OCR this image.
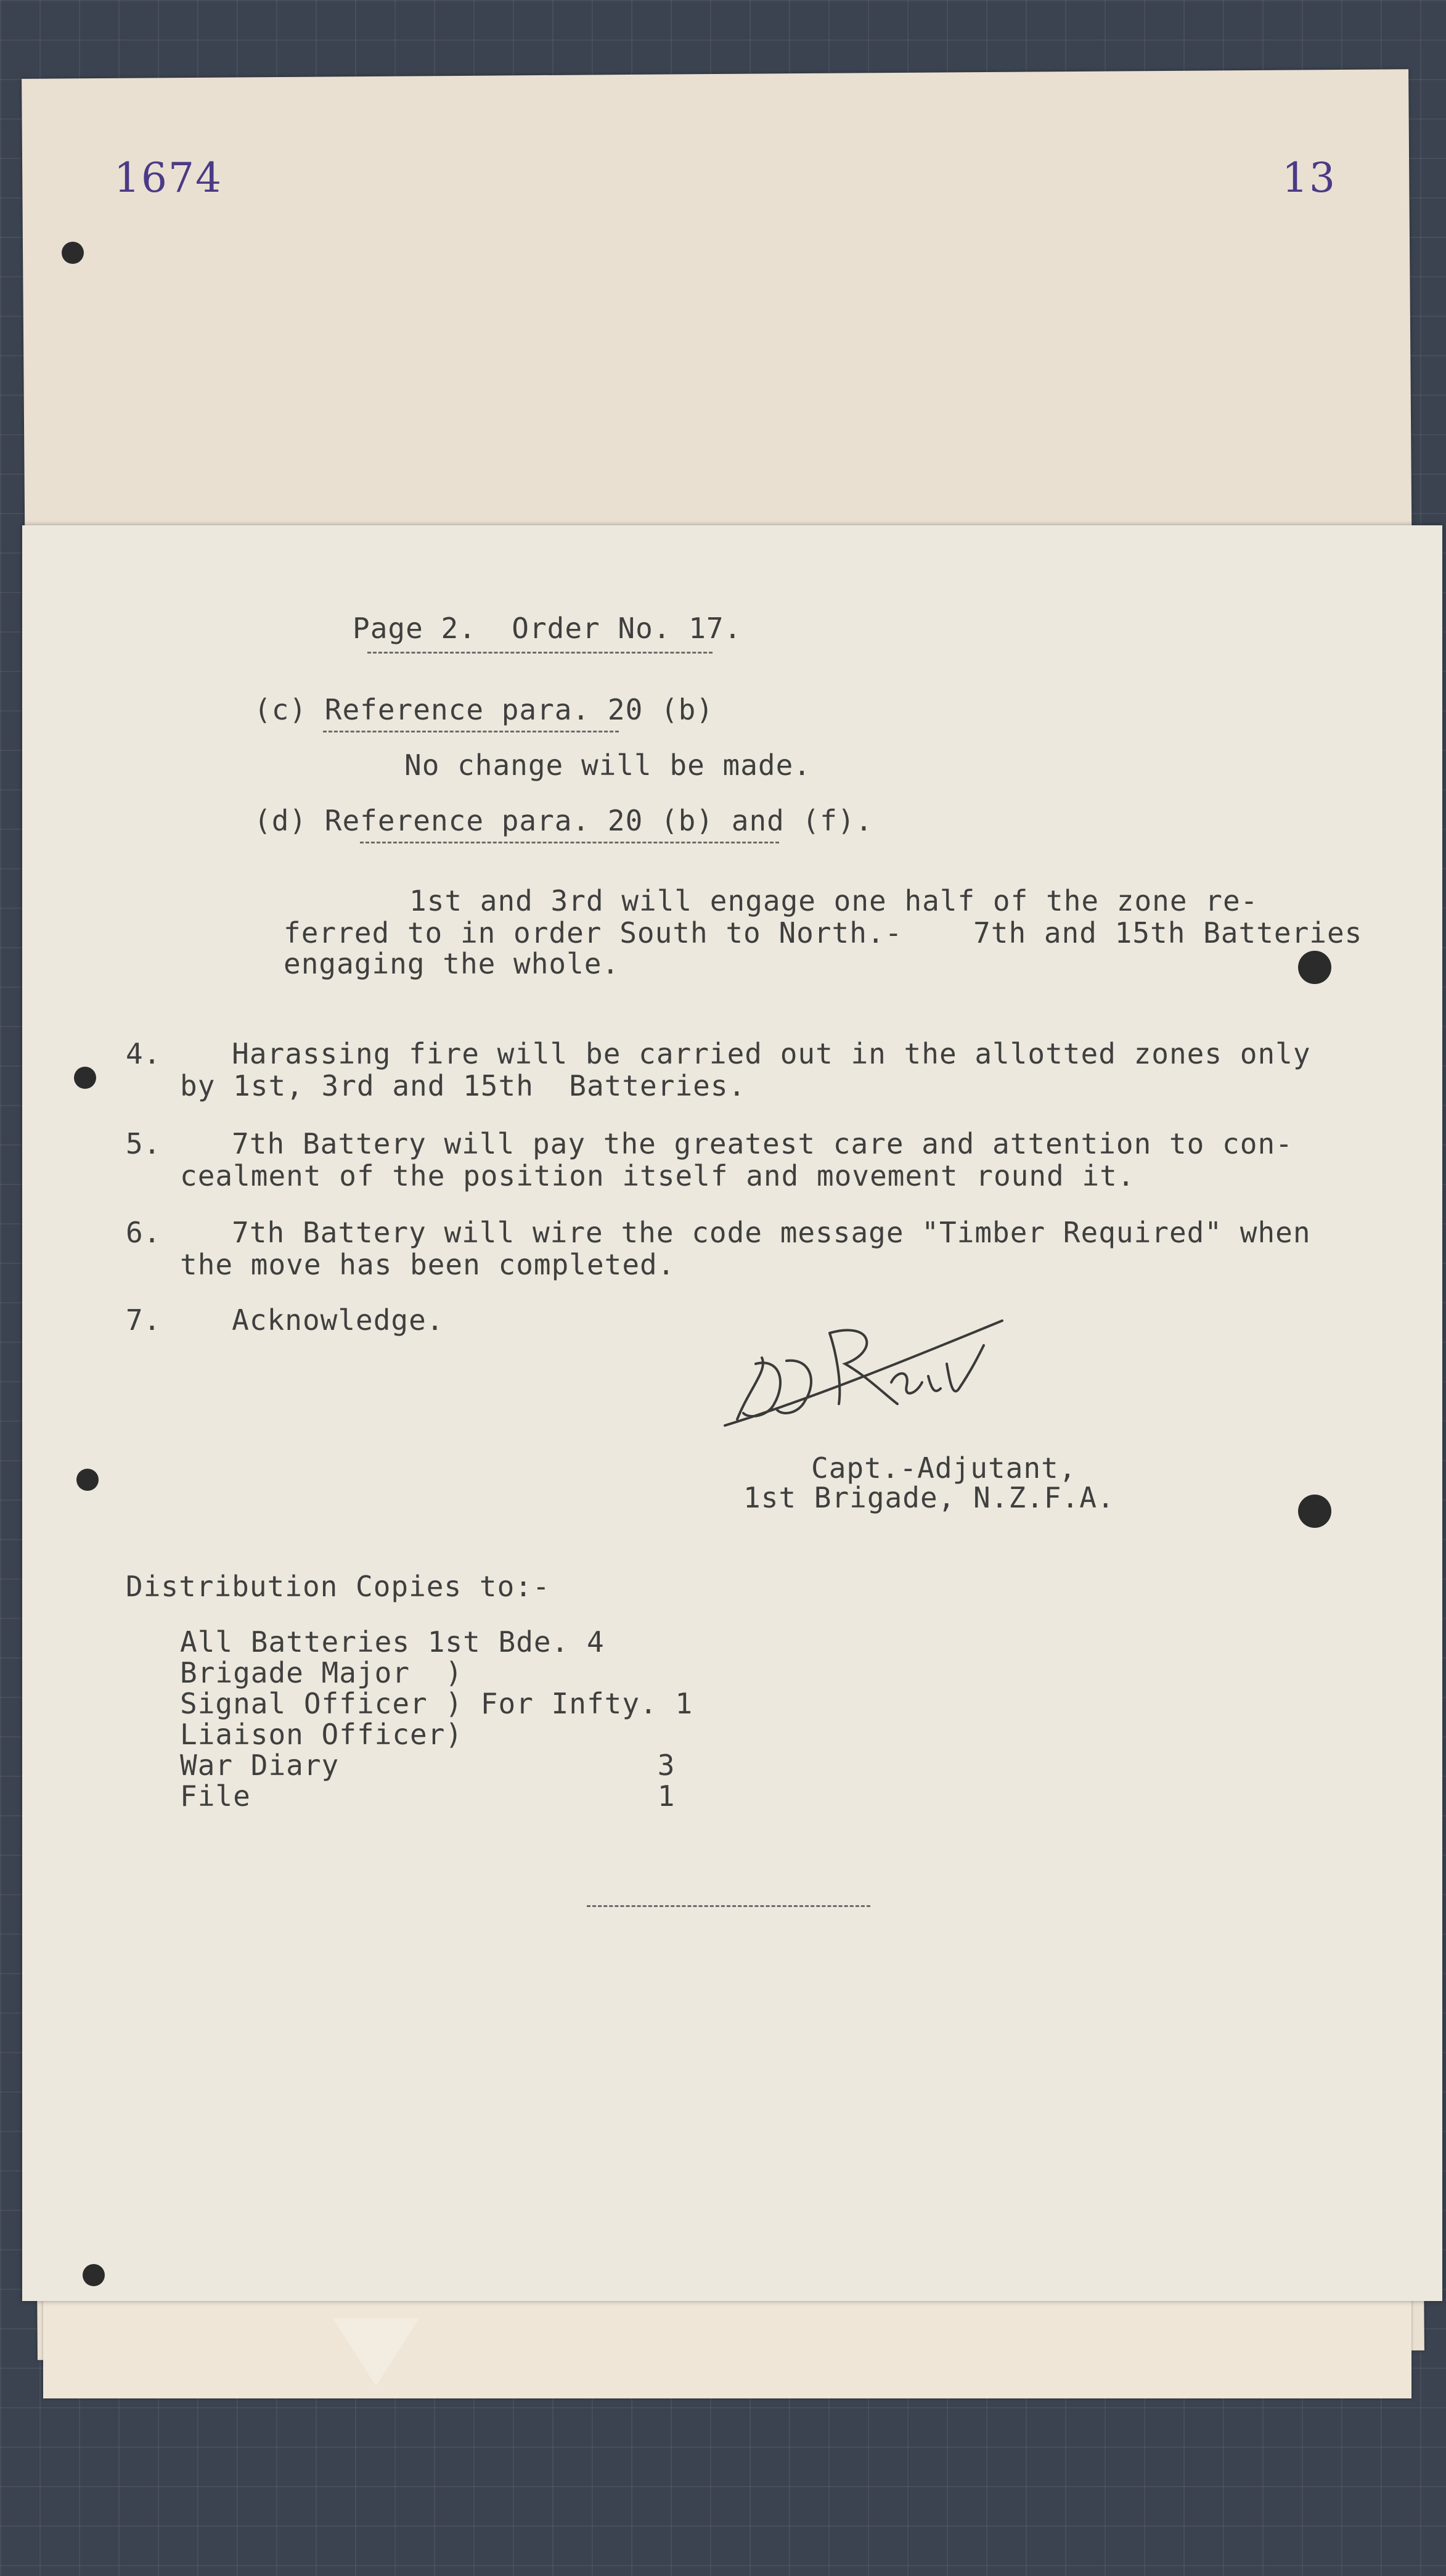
1674	13
Page 2.  Order No. 17.
(c) Reference para. 20 (b)
No change will be made.
(d) Reference para. 20 (b) and (f).
1st and 3rd will engage one half of the zone re-
ferred to in order South to North.-    7th and 15th Batteries
engaging the whole.
4.    Harassing fire will be carried out in the allotted zones only
by 1st, 3rd and 15th  Batteries.
5.    7th Battery will pay the greatest care and attention to con-
cealment of the position itself and movement round it.
6.    7th Battery will wire the code message "Timber Required" when
the move has been completed.
7.    Acknowledge.
Capt.-Adjutant,
1st Brigade, N.Z.F.A.
Distribution Copies to:-
All Batteries 1st Bde. 4
Brigade Major  )
Signal Officer ) For Infty. 1
Liaison Officer)
War Diary                  3
File                       1
